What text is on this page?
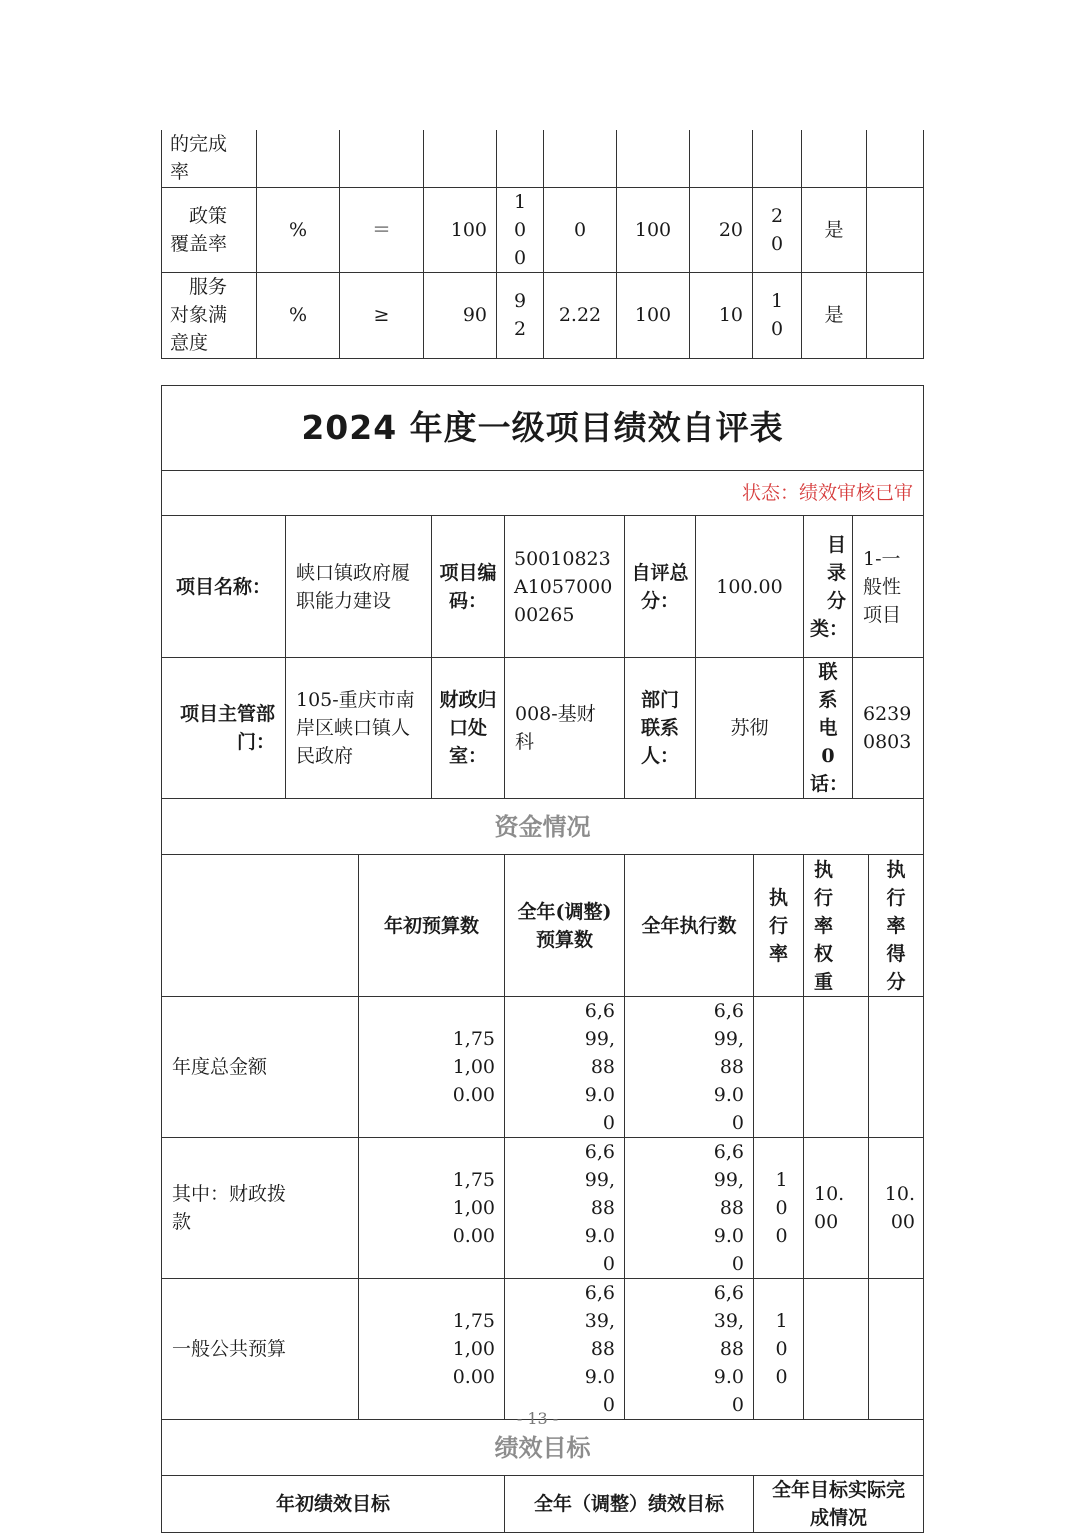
的完成率										
政策覆盖率	%	＝	100	100	0	100	20	20	是	
服务对象满意度	%	≥	90	92	2.22	100	10	10	是	
2024 年度一级项目绩效自评表										
状态：绩效审核已审										
项目名称：	峡口镇政府履职能力建设		项目编码：	50010823A105700000265	自评总分：	100.00		目录分类：	1-一般性项目	
项目主管部门：	105-重庆市南岸区峡口镇人民政府		财政归口处室：	008-基财科	部门联系人：	苏彻		联系电 0 话：	62390803	
资金情况										
		年初预算数		全年(调整)预算数	全年执行数		执行率	执行率权重		执行率得分
年度总金额		1,751,000.00		6,699,889.00	6,699,889.00					
其中：财政拨款		1,751,000.00		6,699,889.00	6,699,889.00		100	10.00		10.00
一般公共预算		1,751,000.00		6,639,889.00	6,639,889.00		100			
绩效目标										
年初绩效目标				全年（调整）绩效目标			全年目标实际完成情况			
- 13 -
